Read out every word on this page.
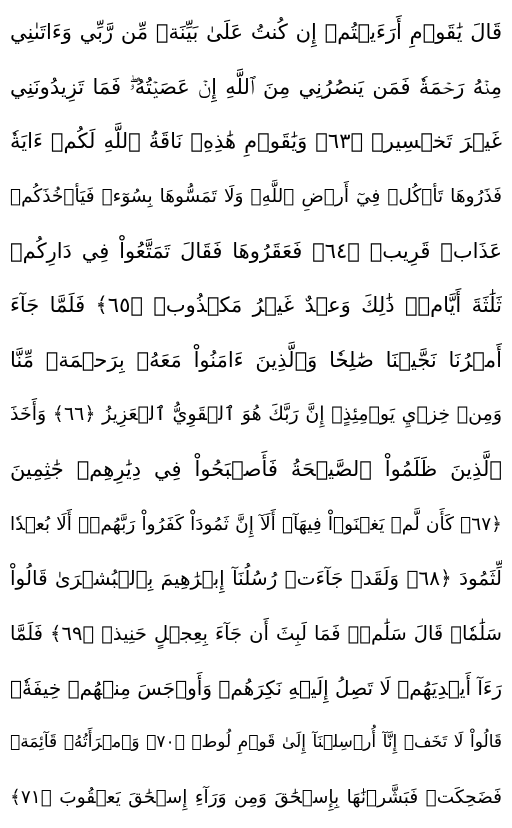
قَالَ يَٰقَوۡمِ أَرَءَيۡتُمۡ إِن كُنتُ عَلَىٰ بَيِّنَةٖ مِّن رَّبِّي وَءَاتَىٰنِي
مِنۡهُ رَحۡمَةٗ فَمَن يَنصُرُنِي مِنَ ٱللَّهِ إِنۡ عَصَيۡتُهُۥۖ فَمَا تَزِيدُونَنِي
غَيۡرَ تَخۡسِيرٖ ﴿٦٣﴾ وَيَٰقَوۡمِ هَٰذِهِۦ نَاقَةُ ٱللَّهِ لَكُمۡ ءَايَةٗ
فَذَرُوهَا تَأۡكُلۡ فِيٓ أَرۡضِ ٱللَّهِۖ وَلَا تَمَسُّوهَا بِسُوٓءٖ فَيَأۡخُذَكُمۡ
عَذَابٞ قَرِيبٞ ﴿٦٤﴾ فَعَقَرُوهَا فَقَالَ تَمَتَّعُواْ فِي دَارِكُمۡ
ثَلَٰثَةَ أَيَّامٖۖ ذَٰلِكَ وَعۡدٌ غَيۡرُ مَكۡذُوبٖ ﴿٦٥﴾ فَلَمَّا جَآءَ
أَمۡرُنَا نَجَّيۡنَا صَٰلِحٗا وَٱلَّذِينَ ءَامَنُواْ مَعَهُۥ بِرَحۡمَةٖ مِّنَّا
وَمِنۡ خِزۡيِ يَوۡمِئِذٍۚ إِنَّ رَبَّكَ هُوَ ٱلۡقَوِيُّ ٱلۡعَزِيزُ ﴿٦٦﴾ وَأَخَذَ
ٱلَّذِينَ ظَلَمُواْ ٱلصَّيۡحَةُ فَأَصۡبَحُواْ فِي دِيَٰرِهِمۡ جَٰثِمِينَ
﴿٦٧﴾ كَأَن لَّمۡ يَغۡنَوۡاْ فِيهَآۗ أَلَآ إِنَّ ثَمُودَاْ كَفَرُواْ رَبَّهُمۡۗ أَلَا بُعۡدٗا
لِّثَمُودَ ﴿٦٨﴾ وَلَقَدۡ جَآءَتۡ رُسُلُنَآ إِبۡرَٰهِيمَ بِٱلۡبُشۡرَىٰ قَالُواْ
سَلَٰمٗاۖ قَالَ سَلَٰمٞۖ فَمَا لَبِثَ أَن جَآءَ بِعِجۡلٍ حَنِيذٖ ﴿٦٩﴾ فَلَمَّا
رَءَآ أَيۡدِيَهُمۡ لَا تَصِلُ إِلَيۡهِ نَكِرَهُمۡ وَأَوۡجَسَ مِنۡهُمۡ خِيفَةٗۚ
قَالُواْ لَا تَخَفۡ إِنَّآ أُرۡسِلۡنَآ إِلَىٰ قَوۡمِ لُوطٖ ﴿٧٠﴾ وَٱمۡرَأَتُهُۥ قَآئِمَةٞ
فَضَحِكَتۡ فَبَشَّرۡنَٰهَا بِإِسۡحَٰقَ وَمِن وَرَآءِ إِسۡحَٰقَ يَعۡقُوبَ ﴿٧١﴾
